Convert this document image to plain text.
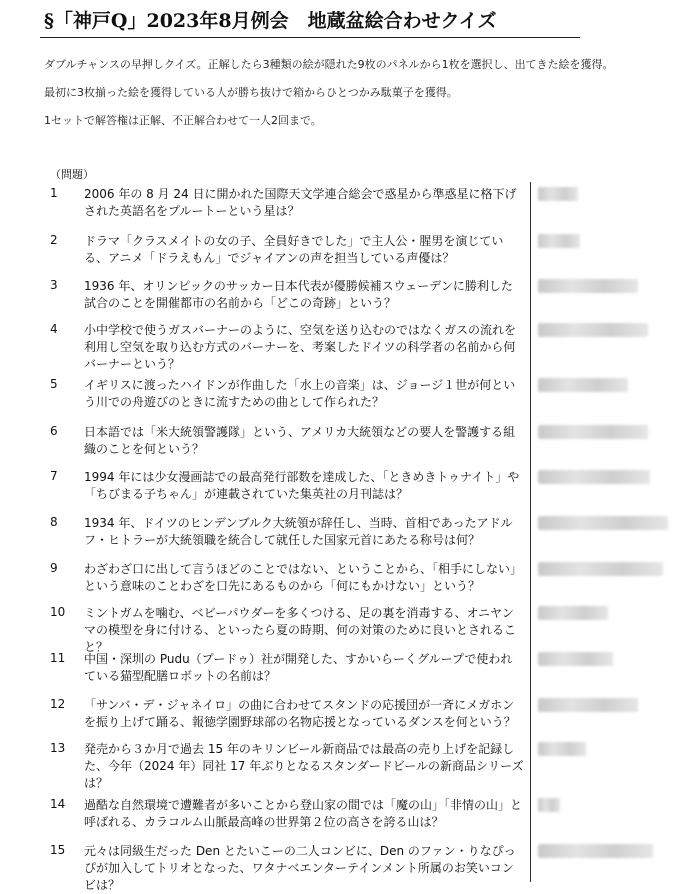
§「神戸Q」2023年8月例会　地蔵盆絵合わせクイズ
ダブルチャンスの早押しクイズ。正解したら3種類の絵が隠れた9枚のパネルから1枚を選択し、出てきた絵を獲得。
最初に3枚揃った絵を獲得している人が勝ち抜けで箱からひとつかみ駄菓子を獲得。
1セットで解答権は正解、不正解合わせて一人2回まで。
（問題）
1 2006 年の 8 月 24 日に開かれた国際天文学連合総会で惑星から準惑星に格下げされた英語名をプルートーという星は？
2 ドラマ「クラスメイトの女の子、全員好きでした」で主人公・腥男を演じている、アニメ「ドラえもん」でジャイアンの声を担当している声優は？
3 1936 年、オリンピックのサッカー日本代表が優勝候補スウェーデンに勝利した試合のことを開催都市の名前から「どこの奇跡」という？
4 小中学校で使うガスバーナーのように、空気を送り込むのではなくガスの流れを利用し空気を取り込む方式のバーナーを、考案したドイツの科学者の名前から何バーナーという？
5 イギリスに渡ったハイドンが作曲した「水上の音楽」は、ジョージ１世が何という川での舟遊びのときに流すための曲として作られた？
6 日本語では「米大統領警護隊」という、アメリカ大統領などの要人を警護する組織のことを何という？
7 1994 年には少女漫画誌での最高発行部数を達成した、「ときめきトゥナイト」や「ちびまる子ちゃん」が連載されていた集英社の月刊誌は？
8 1934 年、ドイツのヒンデンブルク大統領が辞任し、当時、首相であったアドルフ・ヒトラーが大統領職を統合して就任した国家元首にあたる称号は何？
9 わざわざ口に出して言うほどのことではない、ということから、「相手にしない」という意味のことわざを口先にあるものから「何にもかけない」という？
10 ミントガムを噛む、ベビーパウダーを多くつける、足の裏を消毒する、オニヤンマの模型を身に付ける、といったら夏の時期、何の対策のために良いとされること？
11 中国・深圳の Pudu（プードゥ）社が開発した、すかいらーくグループで使われている猫型配膳ロボットの名前は？
12 「サンバ・デ・ジャネイロ」の曲に合わせてスタンドの応援団が一斉にメガホンを振り上げて踊る、報徳学園野球部の名物応援となっているダンスを何という？
13 発売から３か月で過去 15 年のキリンビール新商品では最高の売り上げを記録した、今年（2024 年）同社 17 年ぶりとなるスタンダードビールの新商品シリーズは？
14 過酷な自然環境で遭難者が多いことから登山家の間では「魔の山」「非情の山」と呼ばれる、カラコルム山脈最高峰の世界第２位の高さを誇る山は？
15 元々は同級生だった Den とたいこーの二人コンビに、Den のファン・りなぴっぴが加入してトリオとなった、ワタナベエンターテインメント所属のお笑いコンビは？
